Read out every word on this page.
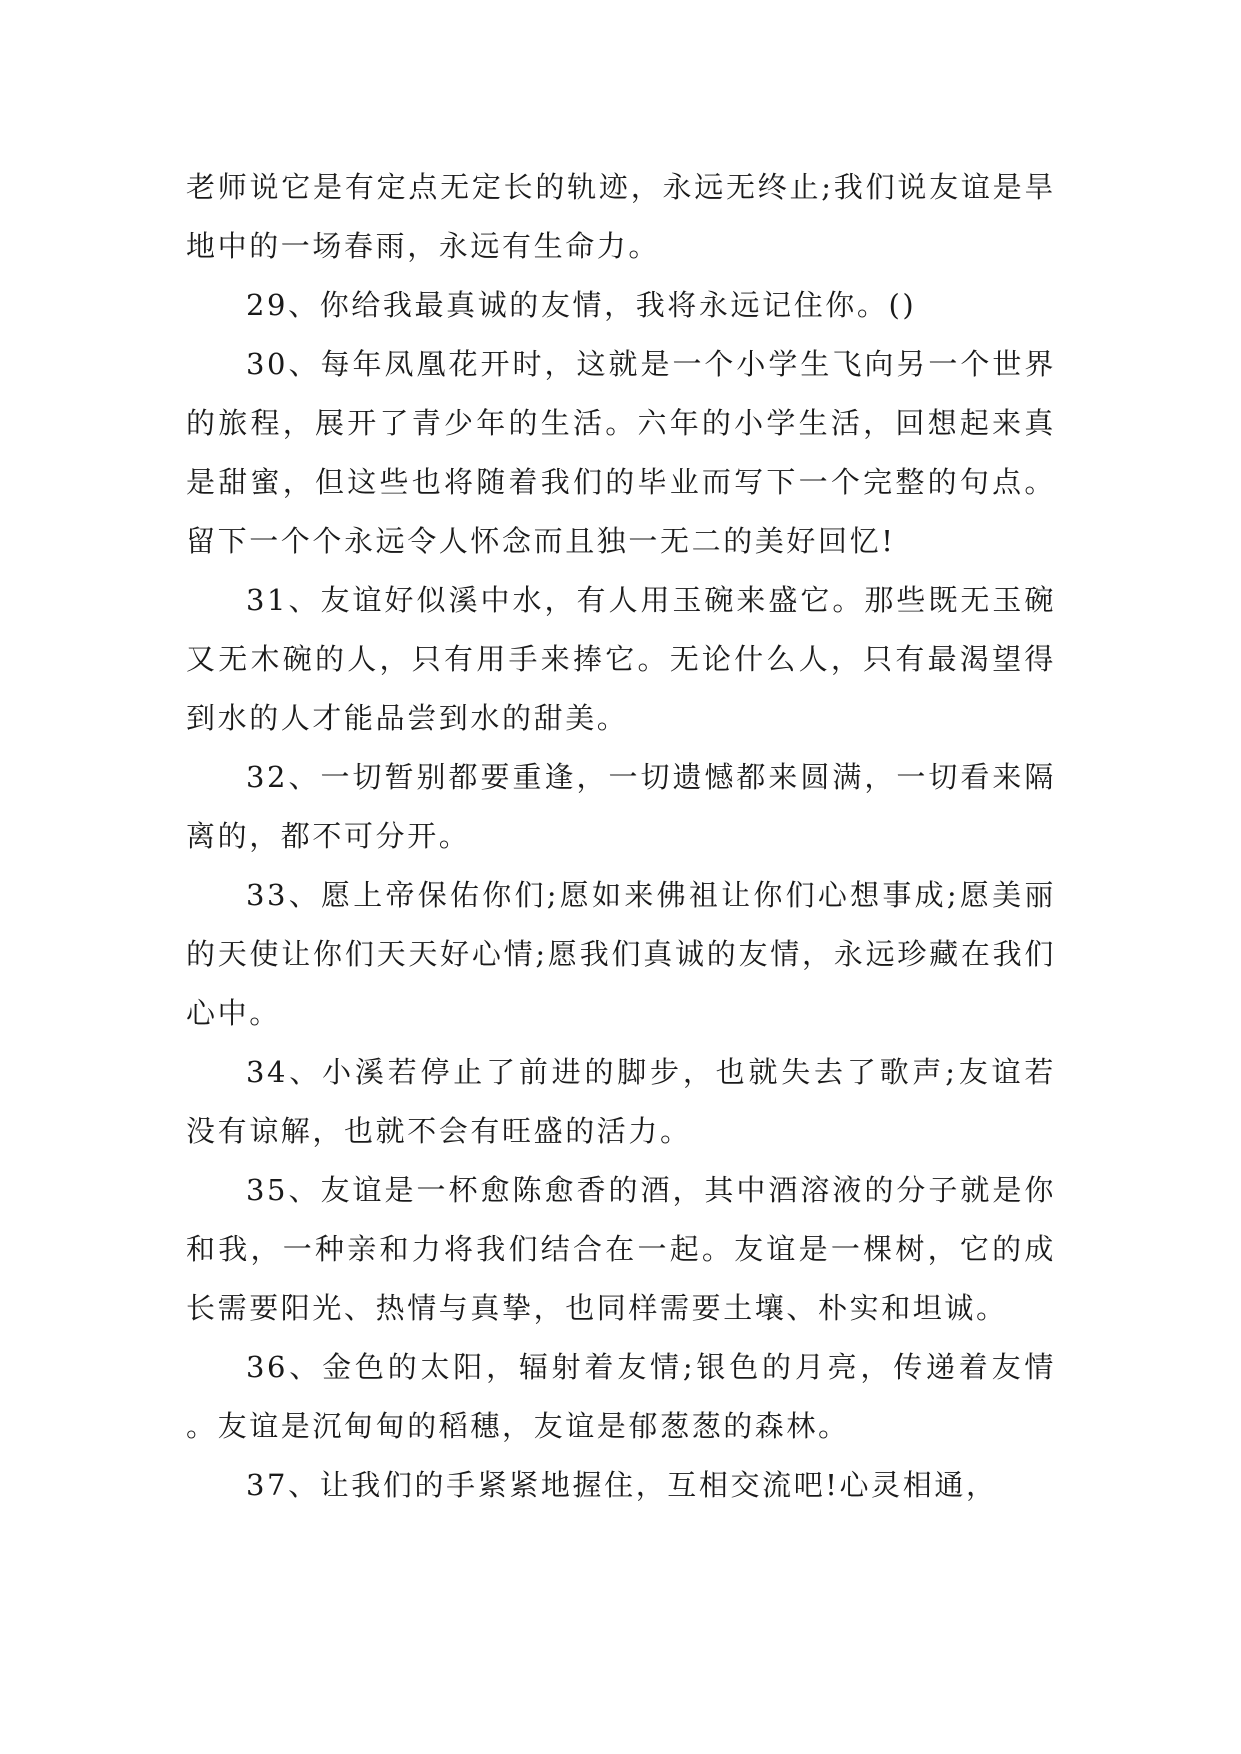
老师说它是有定点无定长的轨迹，永远无终止;我们说友谊是旱地中的一场春雨，永远有生命力。

29、你给我最真诚的友情，我将永远记住你。()

30、每年凤凰花开时，这就是一个小学生飞向另一个世界的旅程，展开了青少年的生活。六年的小学生活，回想起来真是甜蜜，但这些也将随着我们的毕业而写下一个完整的句点。留下一个个永远令人怀念而且独一无二的美好回忆!

31、友谊好似溪中水，有人用玉碗来盛它。那些既无玉碗又无木碗的人，只有用手来捧它。无论什么人，只有最渴望得到水的人才能品尝到水的甜美。

32、一切暂别都要重逢，一切遗憾都来圆满，一切看来隔离的，都不可分开。

33、愿上帝保佑你们;愿如来佛祖让你们心想事成;愿美丽的天使让你们天天好心情;愿我们真诚的友情，永远珍藏在我们心中。

34、小溪若停止了前进的脚步，也就失去了歌声;友谊若没有谅解，也就不会有旺盛的活力。

35、友谊是一杯愈陈愈香的酒，其中酒溶液的分子就是你和我，一种亲和力将我们结合在一起。友谊是一棵树，它的成长需要阳光、热情与真挚，也同样需要土壤、朴实和坦诚。

36、金色的太阳，辐射着友情;银色的月亮，传递着友情。友谊是沉甸甸的稻穗，友谊是郁葱葱的森林。

37、让我们的手紧紧地握住，互相交流吧!心灵相通，
